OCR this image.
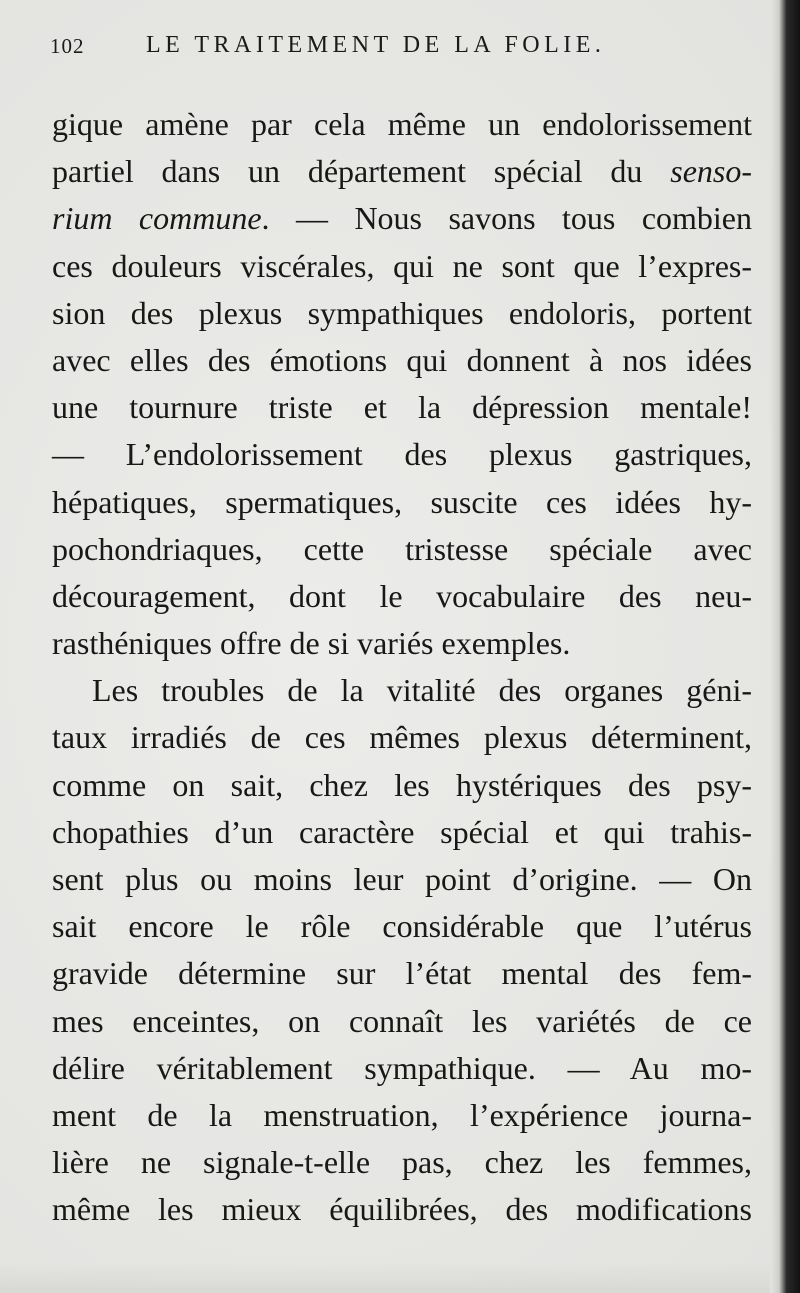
102	LE TRAITEMENT DE LA FOLIE.
gique amène par cela même un endolorissement
partiel dans un département spécial du senso-
rium commune. — Nous savons tous combien
ces douleurs viscérales, qui ne sont que l’expres-
sion des plexus sympathiques endoloris, portent
avec elles des émotions qui donnent à nos idées
une tournure triste et la dépression mentale!
— L’endolorissement des plexus gastriques,
hépatiques, spermatiques, suscite ces idées hy-
pochondriaques, cette tristesse spéciale avec
découragement, dont le vocabulaire des neu-
rasthéniques offre de si variés exemples.
Les troubles de la vitalité des organes géni-
taux irradiés de ces mêmes plexus déterminent,
comme on sait, chez les hystériques des psy-
chopathies d’un caractère spécial et qui trahis-
sent plus ou moins leur point d’origine. — On
sait encore le rôle considérable que l’utérus
gravide détermine sur l’état mental des fem-
mes enceintes, on connaît les variétés de ce
délire véritablement sympathique. — Au mo-
ment de la menstruation, l’expérience journa-
lière ne signale-t-elle pas, chez les femmes,
même les mieux équilibrées, des modifications
